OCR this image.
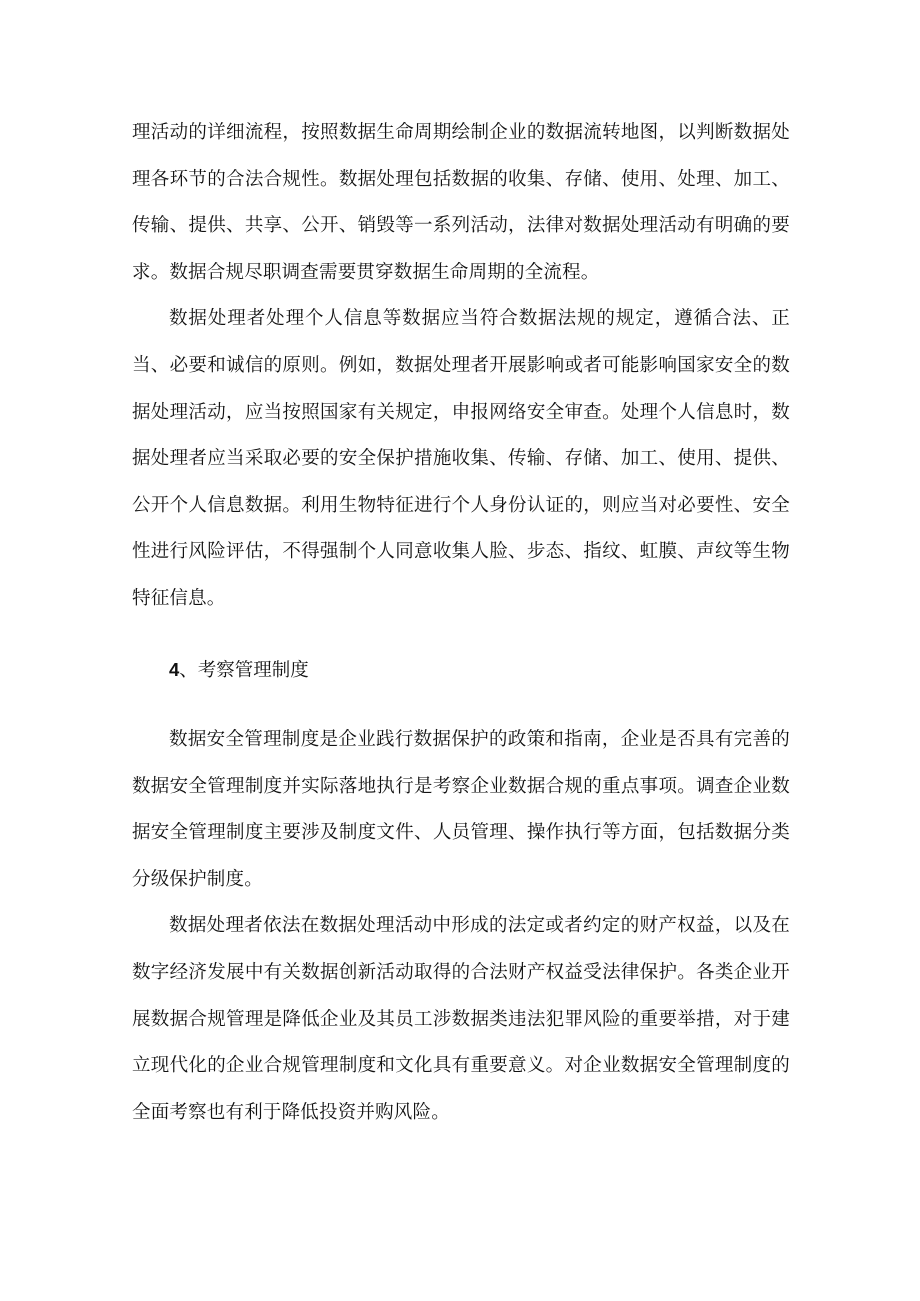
理活动的详细流程，按照数据生命周期绘制企业的数据流转地图，以判断数据处理各环节的合法合规性。数据处理包括数据的收集、存储、使用、处理、加工、传输、提供、共享、公开、销毁等一系列活动，法律对数据处理活动有明确的要求。数据合规尽职调查需要贯穿数据生命周期的全流程。

数据处理者处理个人信息等数据应当符合数据法规的规定，遵循合法、正当、必要和诚信的原则。例如，数据处理者开展影响或者可能影响国家安全的数据处理活动，应当按照国家有关规定，申报网络安全审查。处理个人信息时，数据处理者应当采取必要的安全保护措施收集、传输、存储、加工、使用、提供、公开个人信息数据。利用生物特征进行个人身份认证的，则应当对必要性、安全性进行风险评估，不得强制个人同意收集人脸、步态、指纹、虹膜、声纹等生物特征信息。

4、考察管理制度

数据安全管理制度是企业践行数据保护的政策和指南，企业是否具有完善的数据安全管理制度并实际落地执行是考察企业数据合规的重点事项。调查企业数据安全管理制度主要涉及制度文件、人员管理、操作执行等方面，包括数据分类分级保护制度。

数据处理者依法在数据处理活动中形成的法定或者约定的财产权益，以及在数字经济发展中有关数据创新活动取得的合法财产权益受法律保护。各类企业开展数据合规管理是降低企业及其员工涉数据类违法犯罪风险的重要举措，对于建立现代化的企业合规管理制度和文化具有重要意义。对企业数据安全管理制度的全面考察也有利于降低投资并购风险。
